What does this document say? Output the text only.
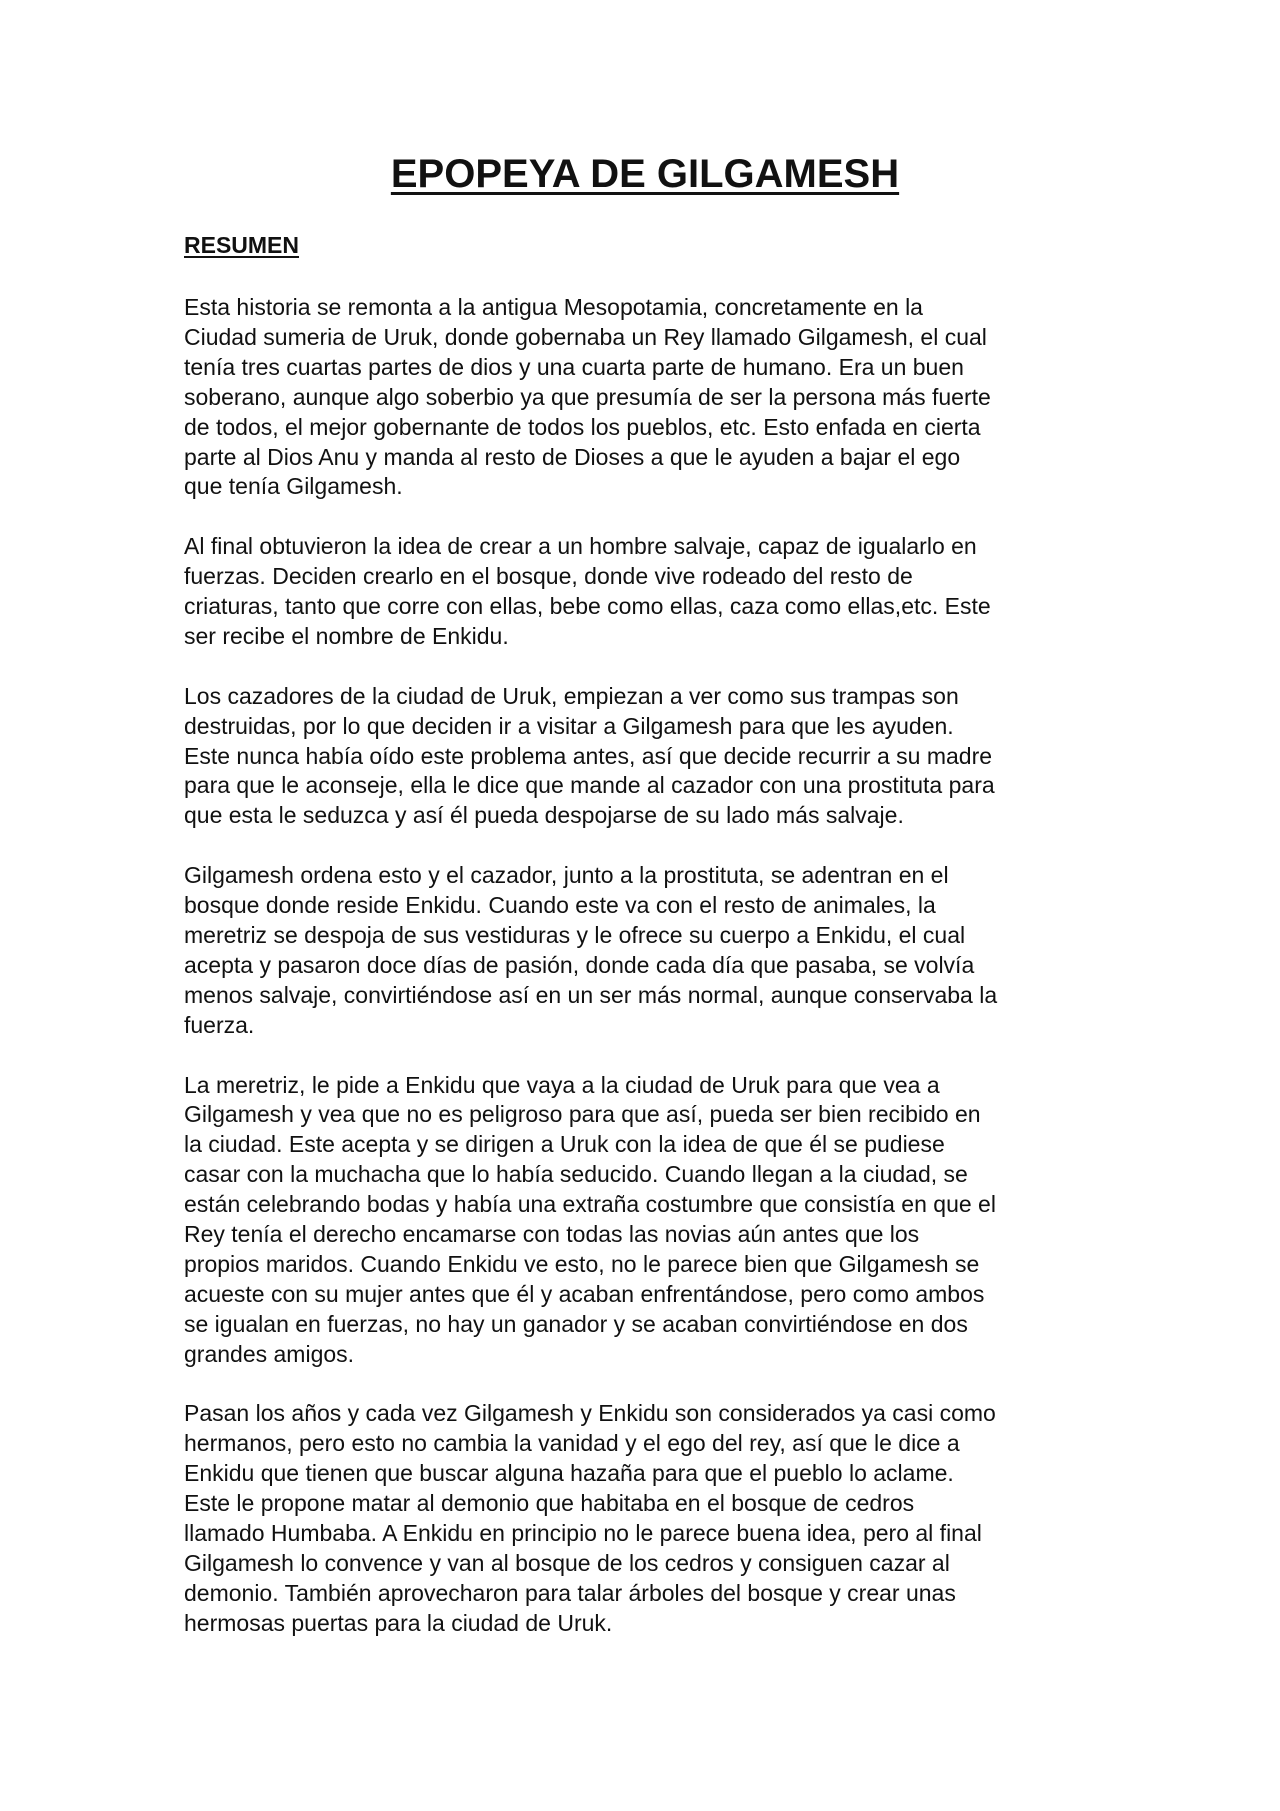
EPOPEYA DE GILGAMESH
RESUMEN

Esta historia se remonta a la antigua Mesopotamia, concretamente en la
Ciudad sumeria de Uruk, donde gobernaba un Rey llamado Gilgamesh, el cual
tenía tres cuartas partes de dios y una cuarta parte de humano. Era un buen
soberano, aunque algo soberbio ya que presumía de ser la persona más fuerte
de todos, el mejor gobernante de todos los pueblos, etc. Esto enfada en cierta
parte al Dios Anu y manda al resto de Dioses a que le ayuden a bajar el ego
que tenía Gilgamesh.

Al final obtuvieron la idea de crear a un hombre salvaje, capaz de igualarlo en
fuerzas. Deciden crearlo en el bosque, donde vive rodeado del resto de
criaturas, tanto que corre con ellas, bebe como ellas, caza como ellas,etc. Este
ser recibe el nombre de Enkidu.

Los cazadores de la ciudad de Uruk, empiezan a ver como sus trampas son
destruidas, por lo que deciden ir a visitar a Gilgamesh para que les ayuden.
Este nunca había oído este problema antes, así que decide recurrir a su madre
para que le aconseje, ella le dice que mande al cazador con una prostituta para
que esta le seduzca y así él pueda despojarse de su lado más salvaje.

Gilgamesh ordena esto y el cazador, junto a la prostituta, se adentran en el
bosque donde reside Enkidu. Cuando este va con el resto de animales, la
meretriz se despoja de sus vestiduras y le ofrece su cuerpo a Enkidu, el cual
acepta y pasaron doce días de pasión, donde cada día que pasaba, se volvía
menos salvaje, convirtiéndose así en un ser más normal, aunque conservaba la
fuerza.

La meretriz, le pide a Enkidu que vaya a la ciudad de Uruk para que vea a
Gilgamesh y vea que no es peligroso para que así, pueda ser bien recibido en
la ciudad. Este acepta y se dirigen a Uruk con la idea de que él se pudiese
casar con la muchacha que lo había seducido. Cuando llegan a la ciudad, se
están celebrando bodas y había una extraña costumbre que consistía en que el
Rey tenía el derecho encamarse con todas las novias aún antes que los
propios maridos. Cuando Enkidu ve esto, no le parece bien que Gilgamesh se
acueste con su mujer antes que él y acaban enfrentándose, pero como ambos
se igualan en fuerzas, no hay un ganador y se acaban convirtiéndose en dos
grandes amigos.

Pasan los años y cada vez Gilgamesh y Enkidu son considerados ya casi como
hermanos, pero esto no cambia la vanidad y el ego del rey, así que le dice a
Enkidu que tienen que buscar alguna hazaña para que el pueblo lo aclame.
Este le propone matar al demonio que habitaba en el bosque de cedros
llamado Humbaba. A Enkidu en principio no le parece buena idea, pero al final
Gilgamesh lo convence y van al bosque de los cedros y consiguen cazar al
demonio. También aprovecharon para talar árboles del bosque y crear unas
hermosas puertas para la ciudad de Uruk.
